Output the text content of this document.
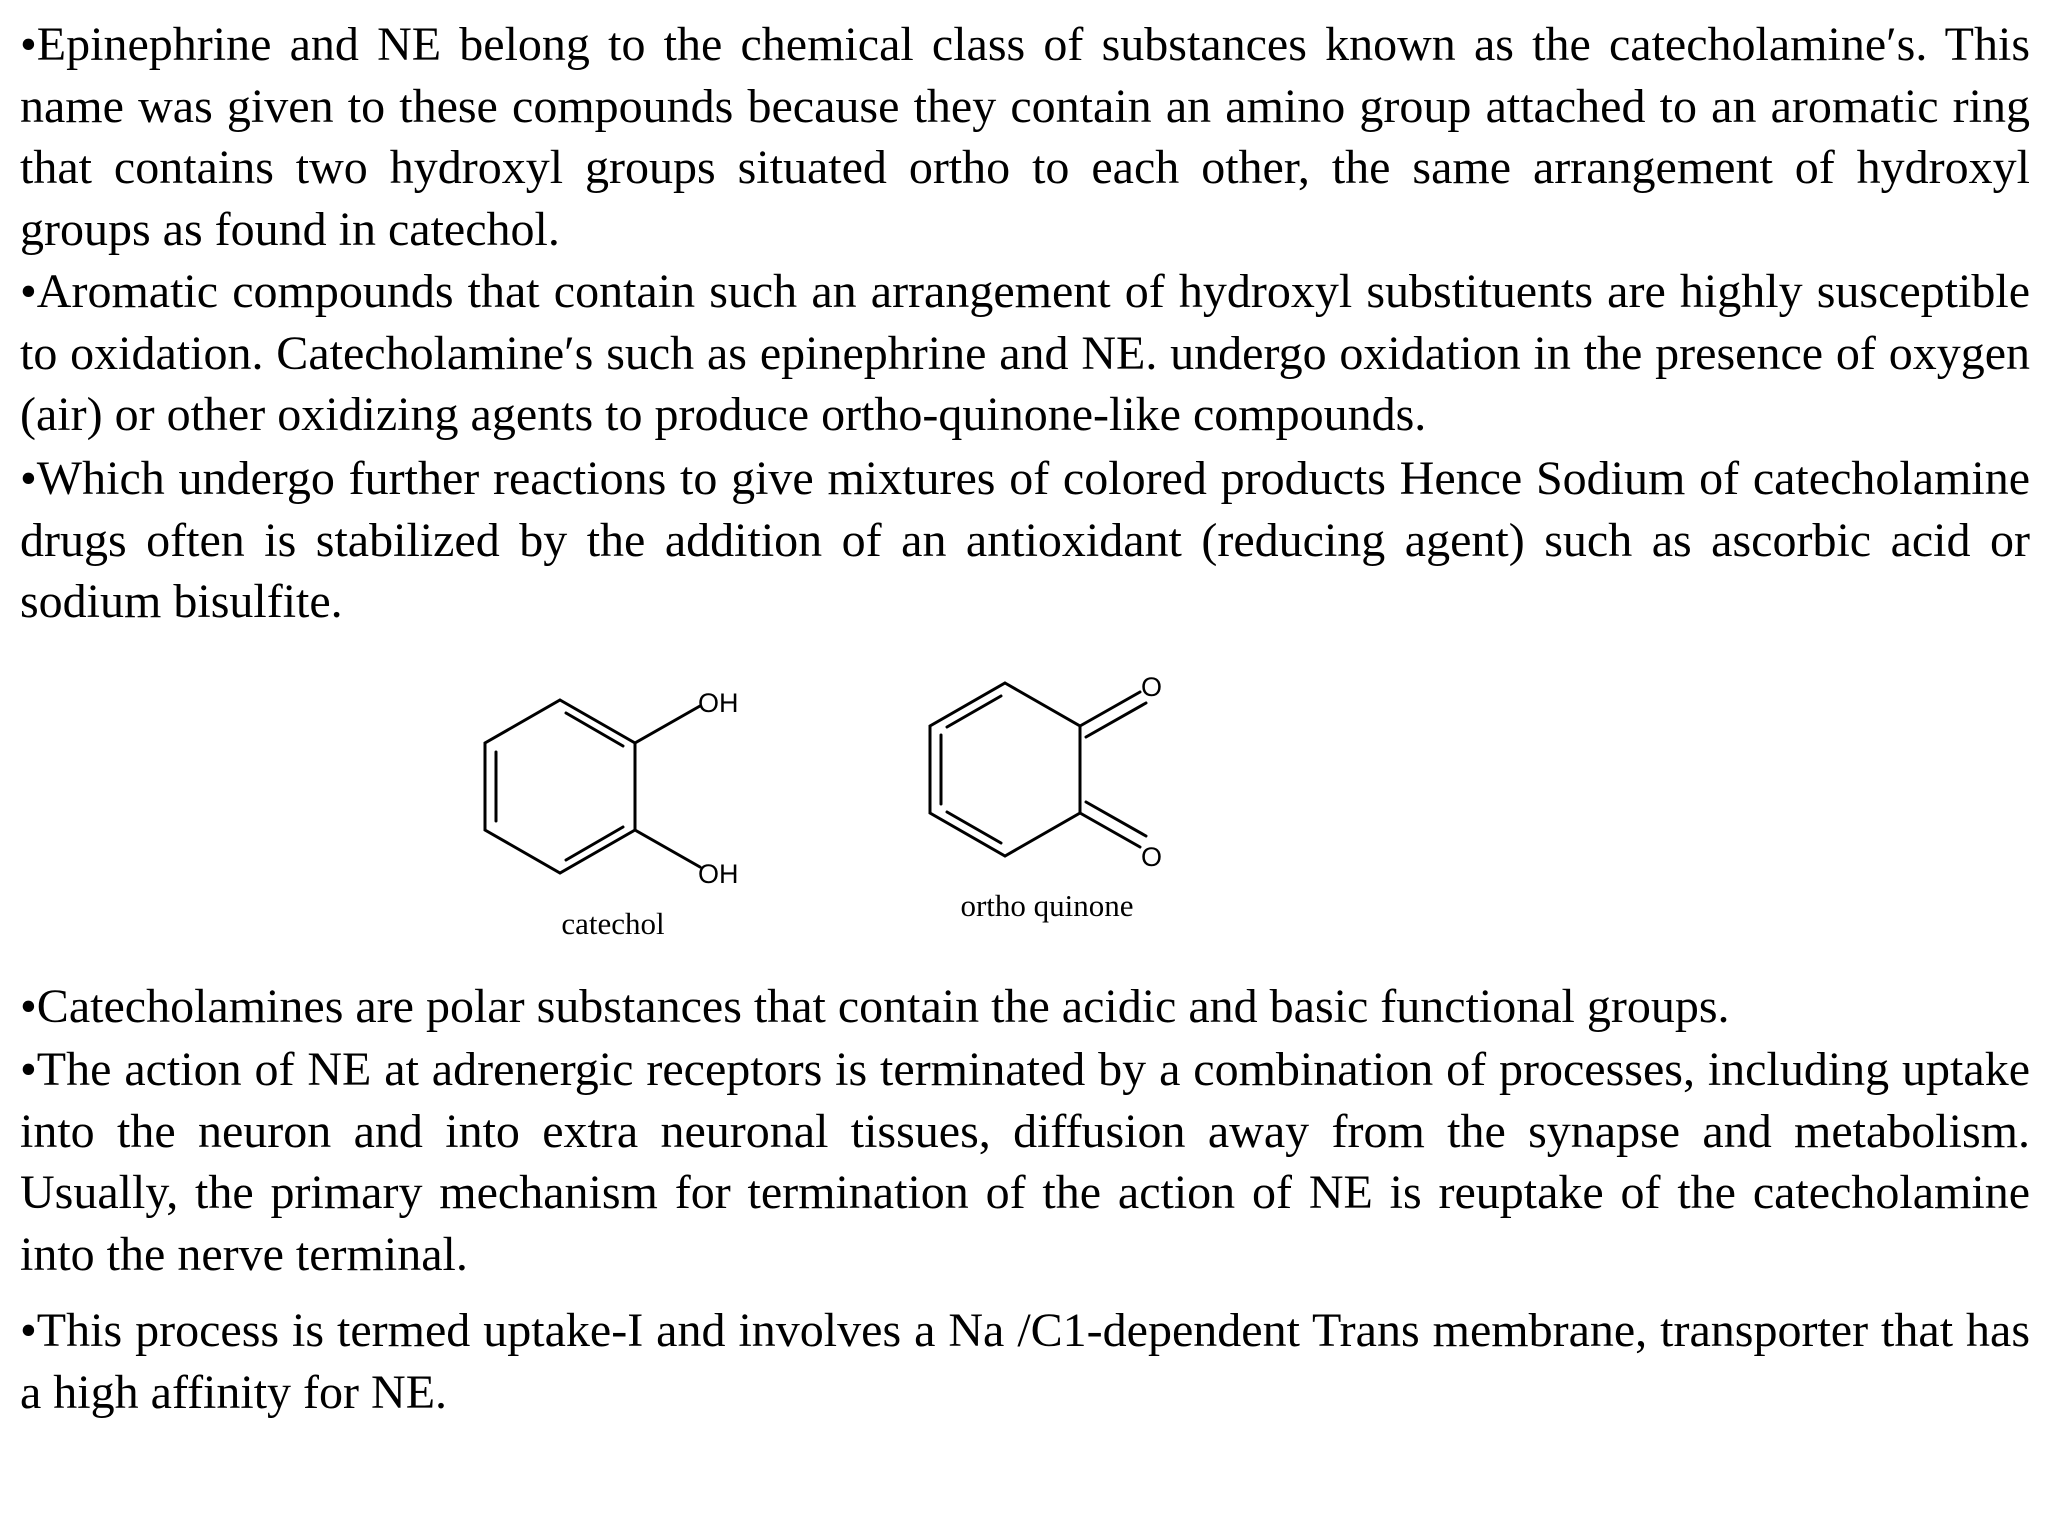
•Epinephrine and NE belong to the chemical class of substances known as the catecholamine′s. This name was given to these compounds because they contain an amino group attached to an aromatic ring that contains two hydroxyl groups situated ortho to each other, the same arrangement of hydroxyl groups as found in catechol.

•Aromatic compounds that contain such an arrangement of hydroxyl substituents are highly susceptible to oxidation. Catecholamine′s such as epinephrine and NE. undergo oxidation in the presence of oxygen (air) or other oxidizing agents to produce ortho-quinone-like compounds.

•Which undergo further reactions to give mixtures of colored products Hence Sodium of catecholamine drugs often is stabilized by the addition of an antioxidant (reducing agent) such as ascorbic acid or sodium bisulfite.

OH
OH
catechol
O
O
ortho quinone

•Catecholamines are polar substances that contain the acidic and basic functional groups.

•The action of NE at adrenergic receptors is terminated by a combination of processes, including uptake into the neuron and into extra neuronal tissues, diffusion away from the synapse and metabolism. Usually, the primary mechanism for termination of the action of NE is reuptake of the catecholamine into the nerve terminal.

•This process is termed uptake-I and involves a Na /C1-dependent Trans membrane, transporter that has a high affinity for NE.
